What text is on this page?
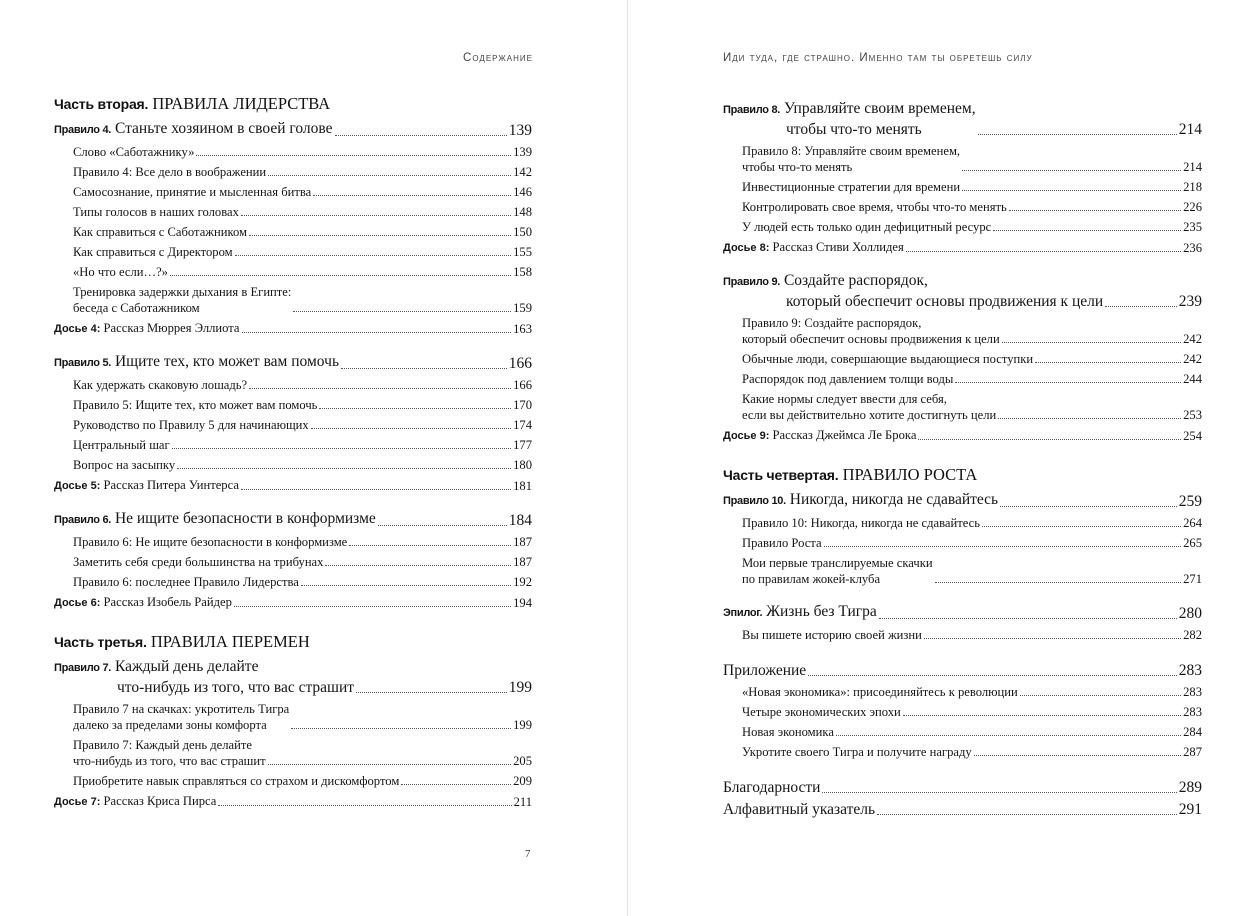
Содержание
Часть вторая. ПРАВИЛА ЛИДЕРСТВА
Правило 4. Станьте хозяином в своей голове	139
Слово «Саботажнику»	139
Правило 4: Все дело в воображении	142
Самосознание, принятие и мысленная битва	146
Типы голосов в наших головах	148
Как справиться с Саботажником	150
Как справиться с Директором	155
«Но что если…?»	158
Тренировка задержки дыхания в Египте:
беседа с Саботажником	159
Досье 4: Рассказ Мюррея Эллиота	163
Правило 5. Ищите тех, кто может вам помочь	166
Как удержать скаковую лошадь?	166
Правило 5: Ищите тех, кто может вам помочь	170
Руководство по Правилу 5 для начинающих	174
Центральный шаг	177
Вопрос на засыпку	180
Досье 5: Рассказ Питера Уинтерса	181
Правило 6. Не ищите безопасности в конформизме	184
Правило 6: Не ищите безопасности в конформизме	187
Заметить себя среди большинства на трибунах	187
Правило 6: последнее Правило Лидерства	192
Досье 6: Рассказ Изобель Райдер	194
Часть третья. ПРАВИЛА ПЕРЕМЕН
Правило 7. Каждый день делайте
что-нибудь из того, что вас страшит	199
Правило 7 на скачках: укротитель Тигра
далеко за пределами зоны комфорта	199
Правило 7: Каждый день делайте
что-нибудь из того, что вас страшит	205
Приобретите навык справляться со страхом и дискомфортом	209
Досье 7: Рассказ Криса Пирса	211
7
Иди туда, где страшно. Именно там ты обретешь силу
Правило 8. Управляйте своим временем,
чтобы что-то менять	214
Правило 8: Управляйте своим временем,
чтобы что-то менять	214
Инвестиционные стратегии для времени	218
Контролировать свое время, чтобы что-то менять	226
У людей есть только один дефицитный ресурс	235
Досье 8: Рассказ Стиви Холлидея	236
Правило 9. Создайте распорядок,
который обеспечит основы продвижения к цели	239
Правило 9: Создайте распорядок,
который обеспечит основы продвижения к цели	242
Обычные люди, совершающие выдающиеся поступки	242
Распорядок под давлением толщи воды	244
Какие нормы следует ввести для себя,
если вы действительно хотите достигнуть цели	253
Досье 9: Рассказ Джеймса Ле Брока	254
Часть четвертая. ПРАВИЛО РОСТА
Правило 10. Никогда, никогда не сдавайтесь	259
Правило 10: Никогда, никогда не сдавайтесь	264
Правило Роста	265
Мои первые транслируемые скачки
по правилам жокей-клуба	271
Эпилог. Жизнь без Тигра	280
Вы пишете историю своей жизни	282
Приложение	283
«Новая экономика»: присоединяйтесь к революции	283
Четыре экономических эпохи	283
Новая экономика	284
Укротите своего Тигра и получите награду	287
Благодарности	289
Алфавитный указатель	291
